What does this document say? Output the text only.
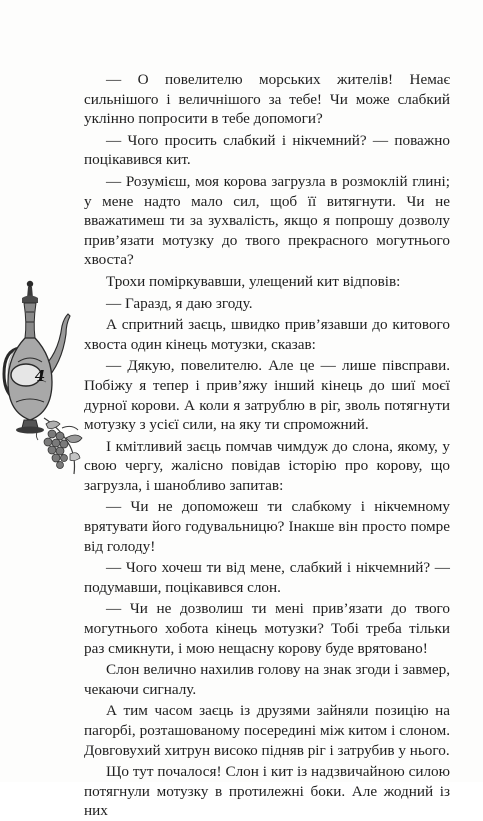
4

— О повелителю морських жителів! Немає сильнішого і величнішого за тебе! Чи може слабкий уклінно попросити в тебе допомоги?

— Чого просить слабкий і нікчемний? — поважно поцікавився кит.

— Розумієш, моя корова загрузла в розмоклій глині; у мене надто мало сил, щоб її витягнути. Чи не вважатимеш ти за зухвалість, якщо я попрошу дозволу прив’язати мотузку до твого прекрасного могутнього хвоста?

Трохи поміркувавши, улещений кит відповів:

— Гаразд, я даю згоду.

А спритний заєць, швидко прив’язавши до китового хвоста один кінець мотузки, сказав:

— Дякую, повелителю. Але це — лише півсправи. Побіжу я тепер і прив’яжу інший кінець до шиї моєї дурної корови. А коли я затрублю в ріг, зволь потягнути мотузку з усієї сили, на яку ти спроможний.

І кмітливий заєць помчав чимдуж до слона, якому, у свою чергу, жалісно повідав історію про корову, що загрузла, і шанобливо запитав:

— Чи не допоможеш ти слабкому і нікчемному врятувати його годувальницю? Інакше він просто помре від голоду!

— Чого хочеш ти від мене, слабкий і нікчемний? — подумавши, поцікавився слон.

— Чи не дозволиш ти мені прив’язати до твого могутнього хобота кінець мотузки? Тобі треба тільки раз смикнути, і мою нещасну корову буде врятовано!

Слон велично нахилив голову на знак згоди і завмер, чекаючи сигналу.

А тим часом заєць із друзями зайняли позицію на пагорбі, розташованому посередині між китом і слоном. Довговухий хитрун високо підняв ріг і затрубив у нього.

Що тут почалося! Слон і кит із надзвичайною силою потягнули мотузку в протилежні боки. Але жодний із них
